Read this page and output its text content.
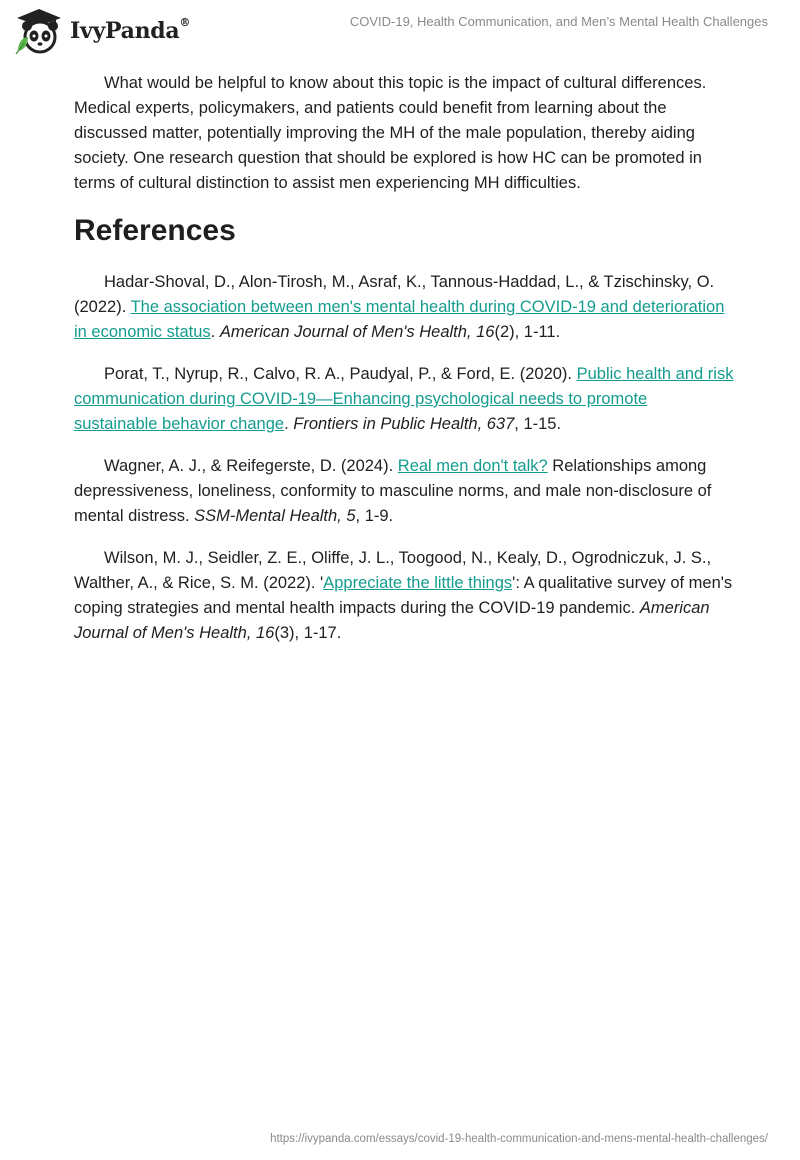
IvyPanda®	COVID-19, Health Communication, and Men’s Mental Health Challenges

What would be helpful to know about this topic is the impact of cultural differences. Medical experts, policymakers, and patients could benefit from learning about the discussed matter, potentially improving the MH of the male population, thereby aiding society. One research question that should be explored is how HC can be promoted in terms of cultural distinction to assist men experiencing MH difficulties.

References

Hadar-Shoval, D., Alon-Tirosh, M., Asraf, K., Tannous-Haddad, L., & Tzischinsky, O. (2022). The association between men's mental health during COVID-19 and deterioration in economic status. American Journal of Men's Health, 16(2), 1-11.

Porat, T., Nyrup, R., Calvo, R. A., Paudyal, P., & Ford, E. (2020). Public health and risk communication during COVID-19—Enhancing psychological needs to promote sustainable behavior change. Frontiers in Public Health, 637, 1-15.

Wagner, A. J., & Reifegerste, D. (2024). Real men don't talk? Relationships among depressiveness, loneliness, conformity to masculine norms, and male non-disclosure of mental distress. SSM-Mental Health, 5, 1-9.

Wilson, M. J., Seidler, Z. E., Oliffe, J. L., Toogood, N., Kealy, D., Ogrodniczuk, J. S., Walther, A., & Rice, S. M. (2022). 'Appreciate the little things': A qualitative survey of men's coping strategies and mental health impacts during the COVID-19 pandemic. American Journal of Men's Health, 16(3), 1-17.

https://ivypanda.com/essays/covid-19-health-communication-and-mens-mental-health-challenges/
